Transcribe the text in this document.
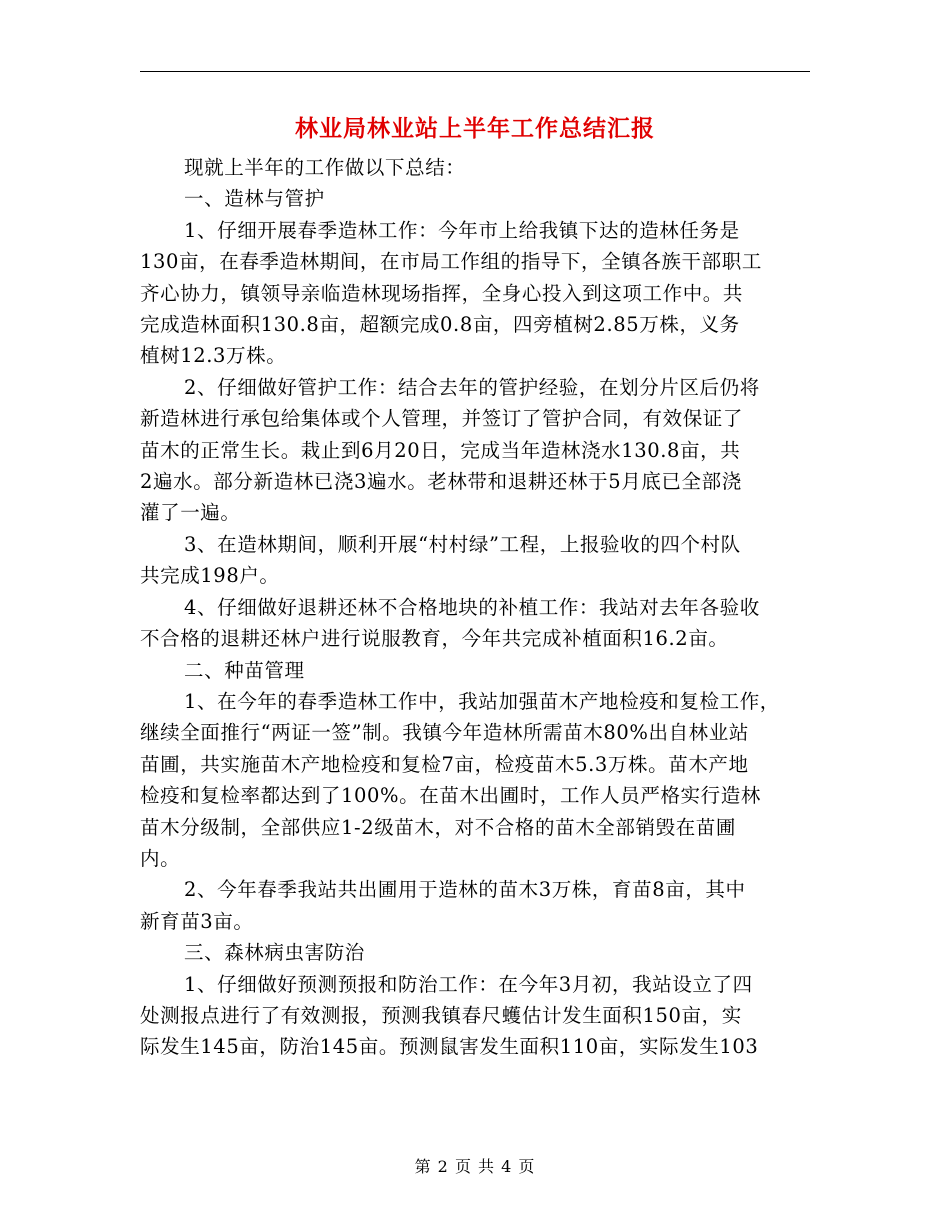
林业局林业站上半年工作总结汇报

现就上半年的工作做以下总结：

一、造林与管护

1、仔细开展春季造林工作：今年市上给我镇下达的造林任务是
130亩，在春季造林期间，在市局工作组的指导下，全镇各族干部职工
齐心协力，镇领导亲临造林现场指挥，全身心投入到这项工作中。共
完成造林面积130.8亩，超额完成0.8亩，四旁植树2.85万株，义务
植树12.3万株。

2、仔细做好管护工作：结合去年的管护经验，在划分片区后仍将
新造林进行承包给集体或个人管理，并签订了管护合同，有效保证了
苗木的正常生长。栽止到6月20日，完成当年造林浇水130.8亩，共
2遍水。部分新造林已浇3遍水。老林带和退耕还林于5月底已全部浇
灌了一遍。

3、在造林期间，顺利开展“村村绿”工程，上报验收的四个村队
共完成198户。

4、仔细做好退耕还林不合格地块的补植工作：我站对去年各验收
不合格的退耕还林户进行说服教育，今年共完成补植面积16.2亩。

二、种苗管理

1、在今年的春季造林工作中，我站加强苗木产地检疫和复检工作，
继续全面推行“两证一签”制。我镇今年造林所需苗木80%出自林业站
苗圃，共实施苗木产地检疫和复检7亩，检疫苗木5.3万株。苗木产地
检疫和复检率都达到了100%。在苗木出圃时，工作人员严格实行造林
苗木分级制，全部供应1-2级苗木，对不合格的苗木全部销毁在苗圃
内。

2、今年春季我站共出圃用于造林的苗木3万株，育苗8亩，其中
新育苗3亩。

三、森林病虫害防治

1、仔细做好预测预报和防治工作：在今年3月初，我站设立了四
处测报点进行了有效测报，预测我镇春尺蠖估计发生面积150亩，实
际发生145亩，防治145亩。预测鼠害发生面积110亩，实际发生103

第 2 页 共 4 页
